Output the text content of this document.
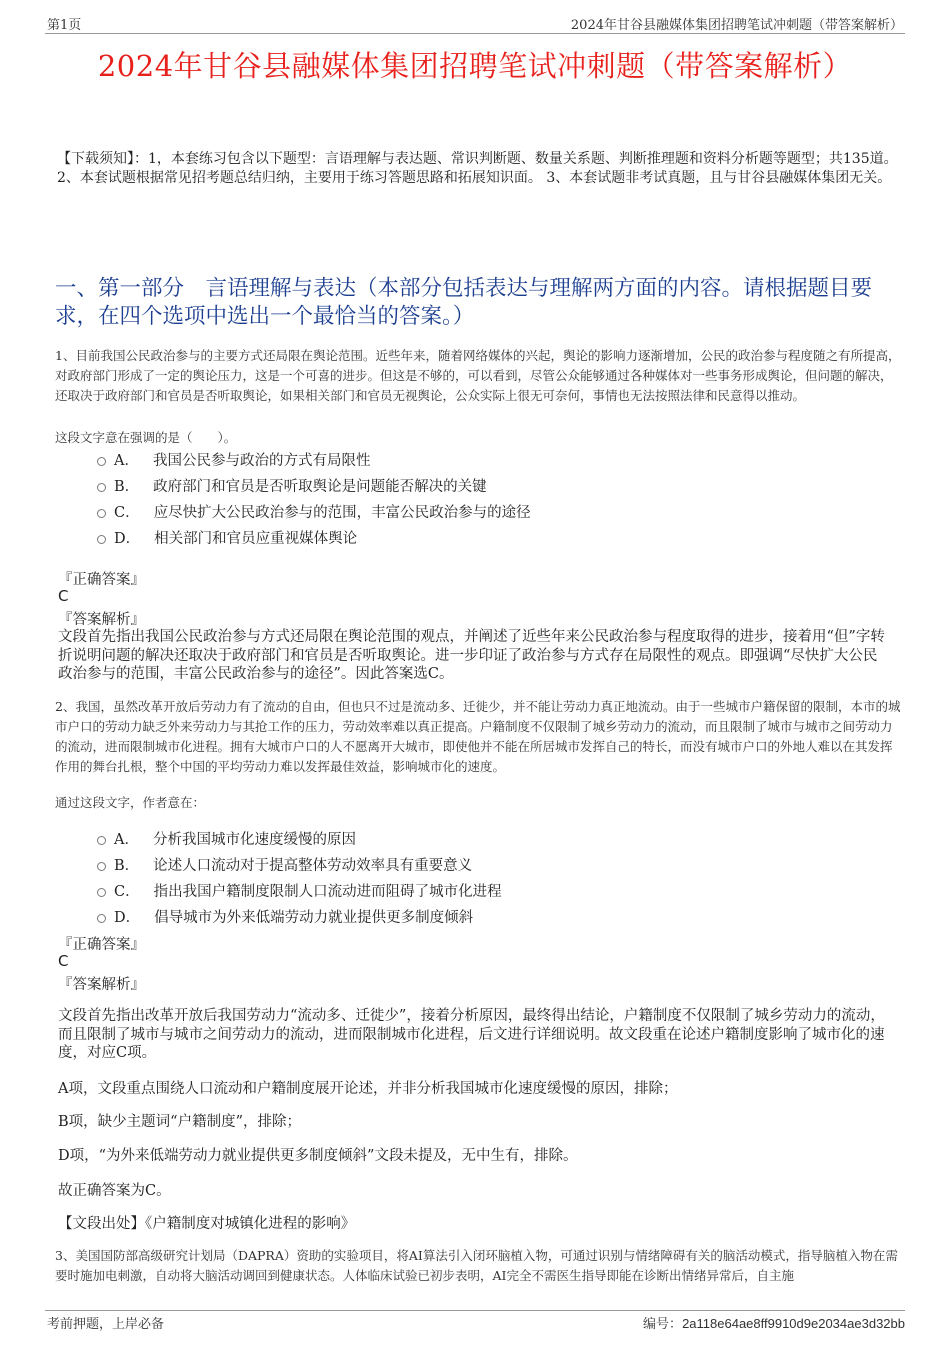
第1页	2024年甘谷县融媒体集团招聘笔试冲刺题（带答案解析）
2024年甘谷县融媒体集团招聘笔试冲刺题（带答案解析）
【下载须知】：1，本套练习包含以下题型：言语理解与表达题、常识判断题、数量关系题、判断推理题和资料分析题等题型；共135道。 2、本套试题根据常见招考题总结归纳，主要用于练习答题思路和拓展知识面。 3、本套试题非考试真题，且与甘谷县融媒体集团无关。
一、第一部分　言语理解与表达（本部分包括表达与理解两方面的内容。请根据题目要求，在四个选项中选出一个最恰当的答案。）
1、目前我国公民政治参与的主要方式还局限在舆论范围。近些年来，随着网络媒体的兴起，舆论的影响力逐渐增加，公民的政治参与程度随之有所提高，对政府部门形成了一定的舆论压力，这是一个可喜的进步。但这是不够的，可以看到，尽管公众能够通过各种媒体对一些事务形成舆论，但问题的解决，还取决于政府部门和官员是否听取舆论，如果相关部门和官员无视舆论，公众实际上很无可奈何，事情也无法按照法律和民意得以推动。
这段文字意在强调的是（　　）。
A． 我国公民参与政治的方式有局限性
B． 政府部门和官员是否听取舆论是问题能否解决的关键
C． 应尽快扩大公民政治参与的范围，丰富公民政治参与的途径
D． 相关部门和官员应重视媒体舆论
『正确答案』
C
『答案解析』
文段首先指出我国公民政治参与方式还局限在舆论范围的观点，并阐述了近些年来公民政治参与程度取得的进步，接着用“但”字转折说明问题的解决还取决于政府部门和官员是否听取舆论。进一步印证了政治参与方式存在局限性的观点。即强调“尽快扩大公民政治参与的范围，丰富公民政治参与的途径”。因此答案选C。
2、我国，虽然改革开放后劳动力有了流动的自由，但也只不过是流动多、迁徙少，并不能让劳动力真正地流动。由于一些城市户籍保留的限制，本市的城市户口的劳动力缺乏外来劳动力与其抢工作的压力，劳动效率难以真正提高。户籍制度不仅限制了城乡劳动力的流动，而且限制了城市与城市之间劳动力的流动，进而限制城市化进程。拥有大城市户口的人不愿离开大城市，即使他并不能在所居城市发挥自己的特长，而没有城市户口的外地人难以在其发挥作用的舞台扎根，整个中国的平均劳动力难以发挥最佳效益，影响城市化的速度。
通过这段文字，作者意在：
A． 分析我国城市化速度缓慢的原因
B． 论述人口流动对于提高整体劳动效率具有重要意义
C． 指出我国户籍制度限制人口流动进而阻碍了城市化进程
D． 倡导城市为外来低端劳动力就业提供更多制度倾斜
『正确答案』
C
『答案解析』
文段首先指出改革开放后我国劳动力“流动多、迁徙少”，接着分析原因，最终得出结论，户籍制度不仅限制了城乡劳动力的流动，而且限制了城市与城市之间劳动力的流动，进而限制城市化进程，后文进行详细说明。故文段重在论述户籍制度影响了城市化的速度，对应C项。
A项，文段重点围绕人口流动和户籍制度展开论述，并非分析我国城市化速度缓慢的原因，排除；
B项，缺少主题词“户籍制度”，排除；
D项，“为外来低端劳动力就业提供更多制度倾斜”文段未提及，无中生有，排除。
故正确答案为C。
【文段出处】《户籍制度对城镇化进程的影响》
3、美国国防部高级研究计划局（DAPRA）资助的实验项目，将AI算法引入闭环脑植入物，可通过识别与情绪障碍有关的脑活动模式，指导脑植入物在需要时施加电刺激，自动将大脑活动调回到健康状态。人体临床试验已初步表明，AI完全不需医生指导即能在诊断出情绪异常后，自主施
考前押题，上岸必备	编号：2a118e64ae8ff9910d9e2034ae3d32bb
